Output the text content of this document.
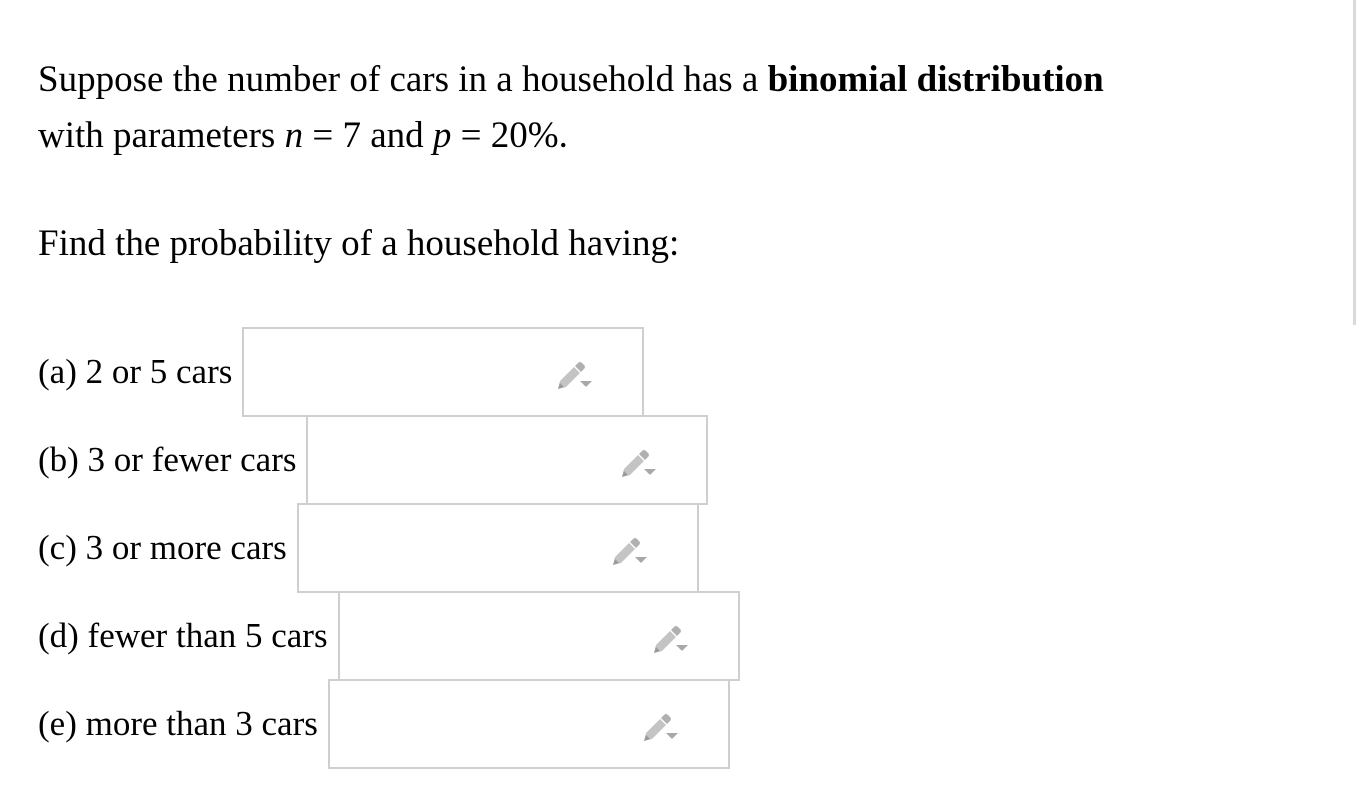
Suppose the number of cars in a household has a binomial distribution
with parameters n = 7 and p = 20%.

Find the probability of a household having:

(a) 2 or 5 cars
(b) 3 or fewer cars
(c) 3 or more cars
(d) fewer than 5 cars
(e) more than 3 cars
